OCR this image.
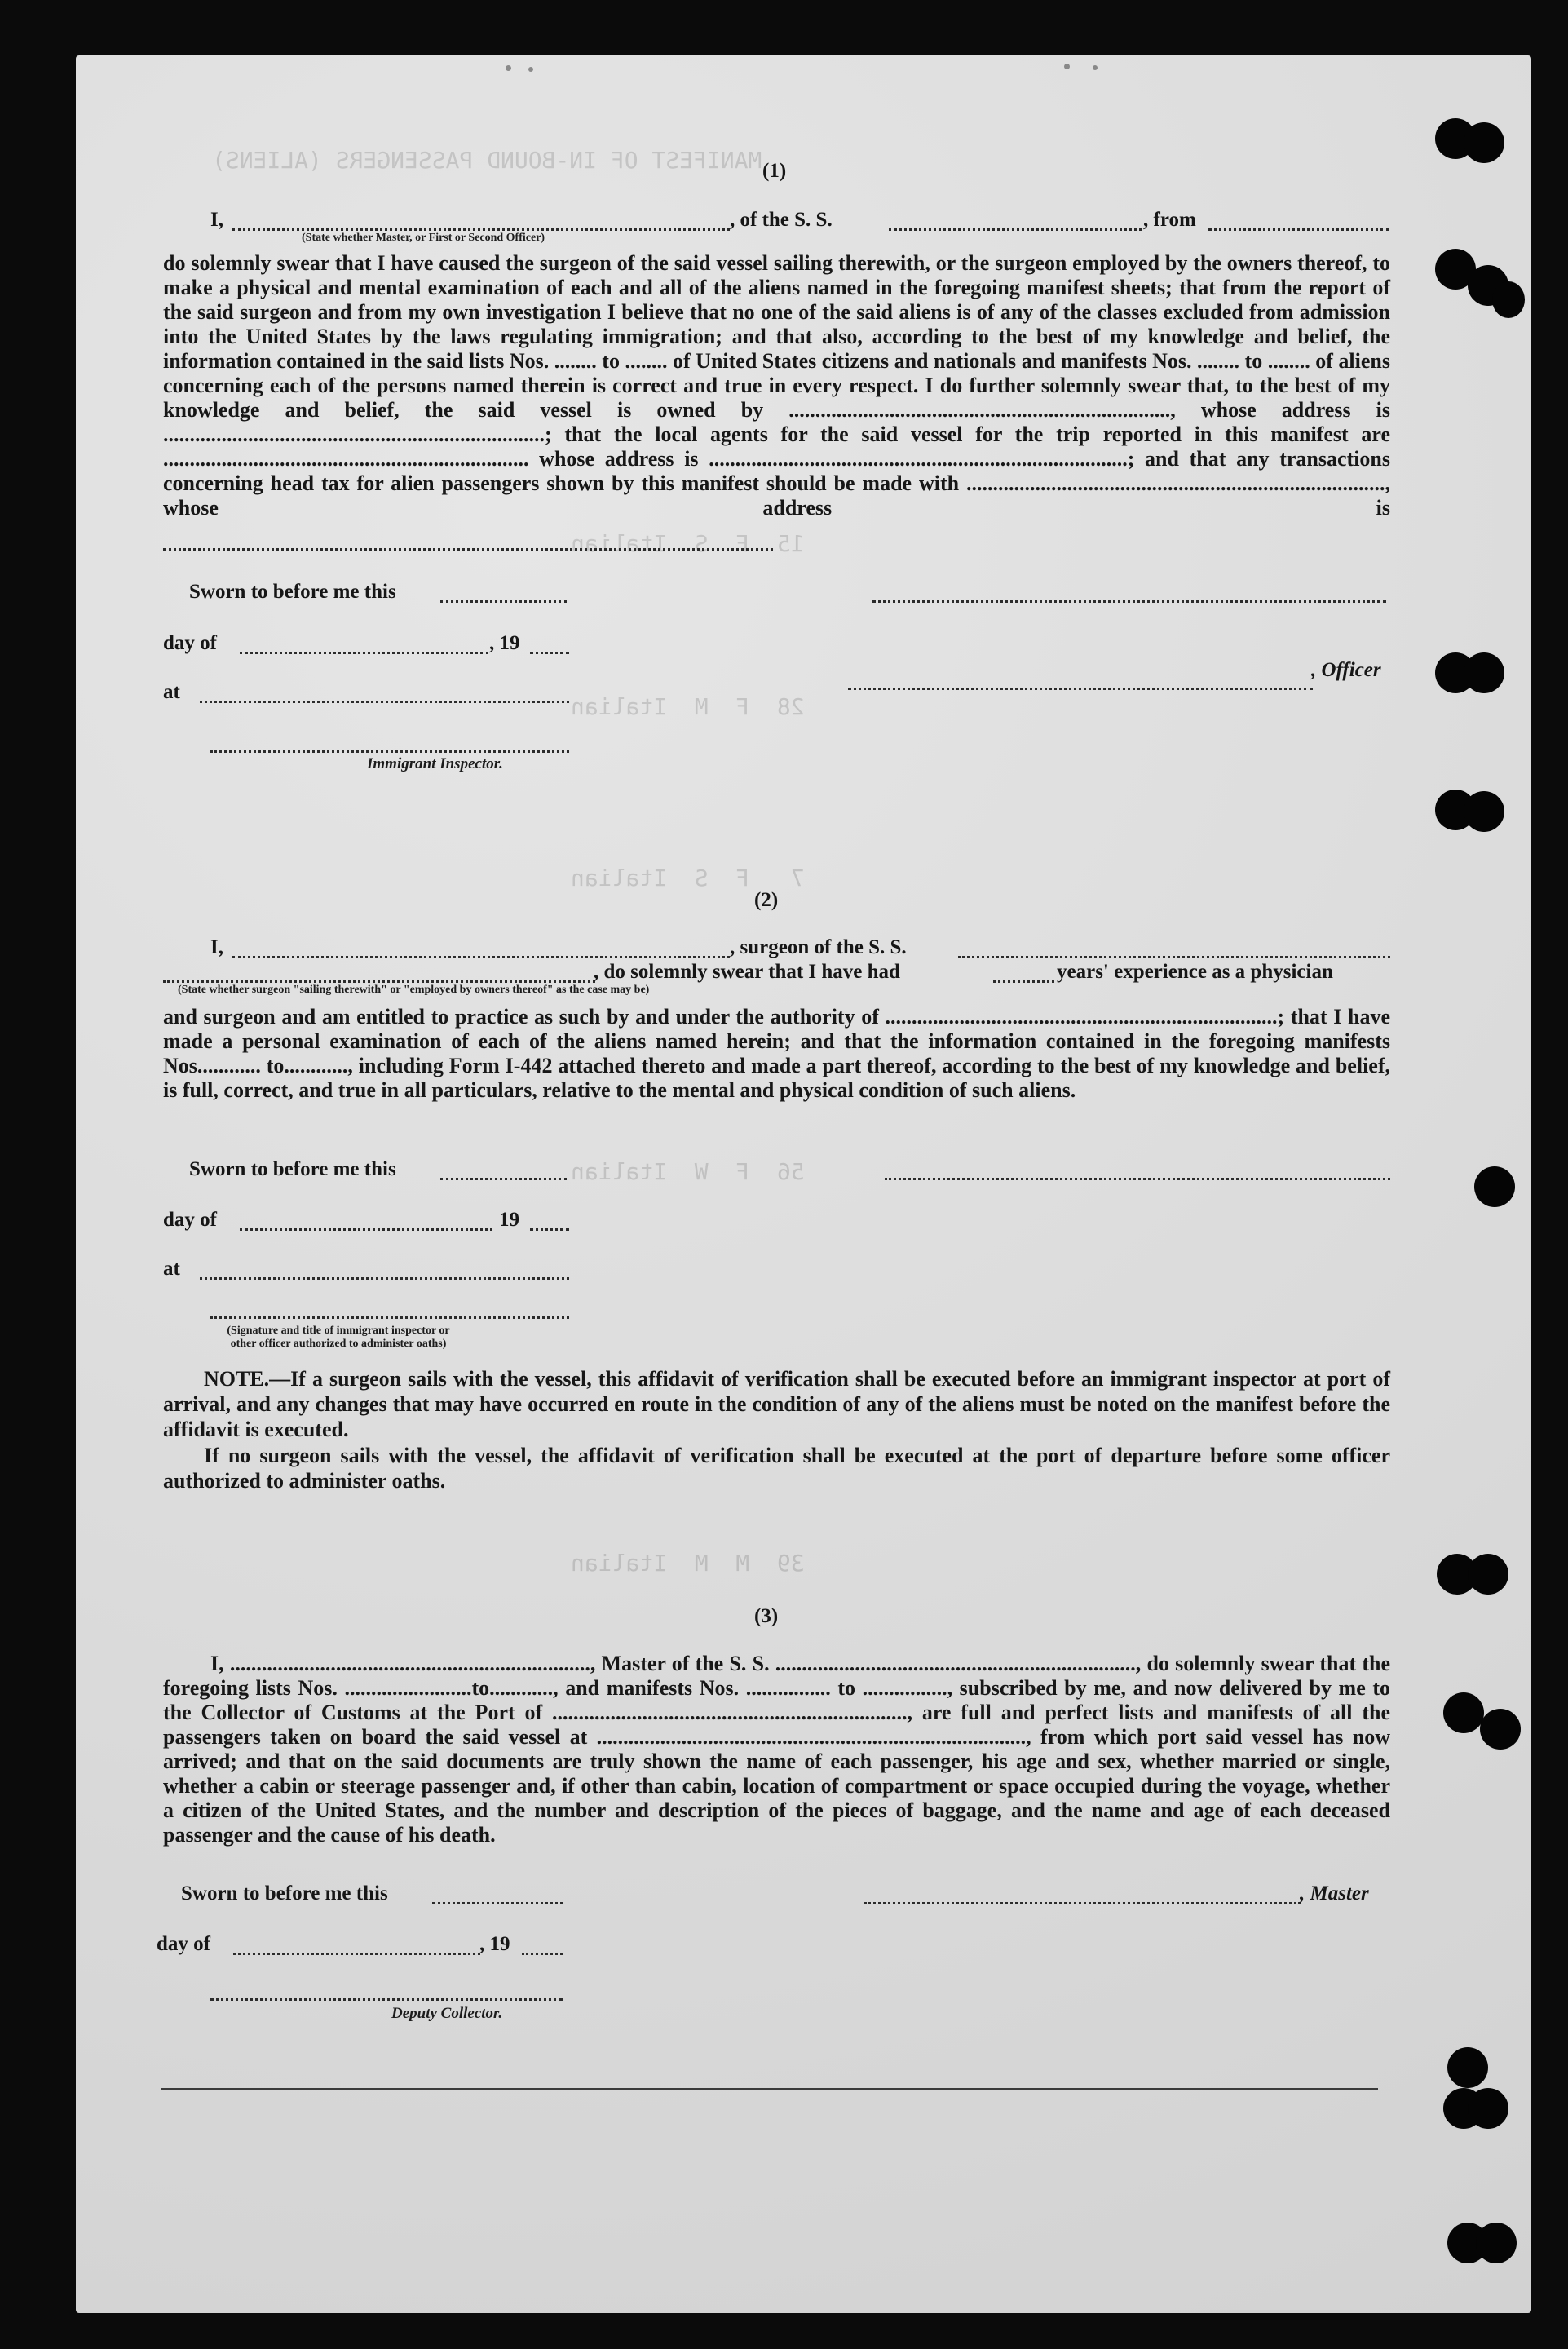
MANIFEST OF IN-BOUND PASSENGERS (ALIENS)
15  F  S  Italian
28  F  M  Italian
7   F  S  Italian
56  F  W  Italian
39  M  M  Italian
(1)
I,	, of the S. S.	, from
(State whether Master, or First or Second Officer)

do solemnly swear that I have caused the surgeon of the said vessel sailing therewith, or the surgeon employed by the owners thereof, to make a physical and mental examination of each and all of the aliens named in the foregoing manifest sheets; that from the report of the said surgeon and from my own investigation I believe that no one of the said aliens is of any of the classes excluded from admission into the United States by the laws regulating immigration; and that also, according to the best of my knowledge and belief, the information contained in the said lists Nos. ........ to ........ of United States citizens and nationals and manifests Nos. ........ to ........ of aliens concerning each of the persons named therein is correct and true in every respect. I do further solemnly swear that, to the best of my knowledge and belief, the said vessel is owned by ........................................................................, whose address is ........................................................................; that the local agents for the said vessel for the trip reported in this manifest are ..................................................................... whose address is ...............................................................................; and that any transactions concerning head tax for alien passengers shown by this manifest should be made with ..............................................................................., whose address is

Sworn to before me this
day of	, 19
, Officer
at
Immigrant Inspector.
(2)
I,	, surgeon of the S. S.
, do solemnly swear that I have had	years' experience as a physician
(State whether surgeon "sailing therewith" or "employed by owners thereof" as the case may be)

and surgeon and am entitled to practice as such by and under the authority of ..........................................................................; that I have made a personal examination of each of the aliens named herein; and that the information contained in the foregoing manifests Nos............ to............, including Form I-442 attached thereto and made a part thereof, according to the best of my knowledge and belief, is full, correct, and true in all particulars, relative to the mental and physical condition of such aliens.

Sworn to before me this
day of	19
at
(Signature and title of immigrant inspector or other officer authorized to administer oaths)

NOTE.—If a surgeon sails with the vessel, this affidavit of verification shall be executed before an immigrant inspector at port of arrival, and any changes that may have occurred en route in the condition of any of the aliens must be noted on the manifest before the affidavit is executed.

If no surgeon sails with the vessel, the affidavit of verification shall be executed at the port of departure before some officer authorized to administer oaths.

(3)

I, ...................................................................., Master of the S. S. ...................................................................., do solemnly swear that the foregoing lists Nos. ........................to............, and manifests Nos. ................ to ................, subscribed by me, and now delivered by me to the Collector of Customs at the Port of ..................................................................., are full and perfect lists and manifests of all the passengers taken on board the said vessel at ................................................................................., from which port said vessel has now arrived; and that on the said documents are truly shown the name of each passenger, his age and sex, whether married or single, whether a cabin or steerage passenger and, if other than cabin, location of compartment or space occupied during the voyage, whether a citizen of the United States, and the number and description of the pieces of baggage, and the name and age of each deceased passenger and the cause of his death.

Sworn to before me this	, Master
day of	, 19
Deputy Collector.
